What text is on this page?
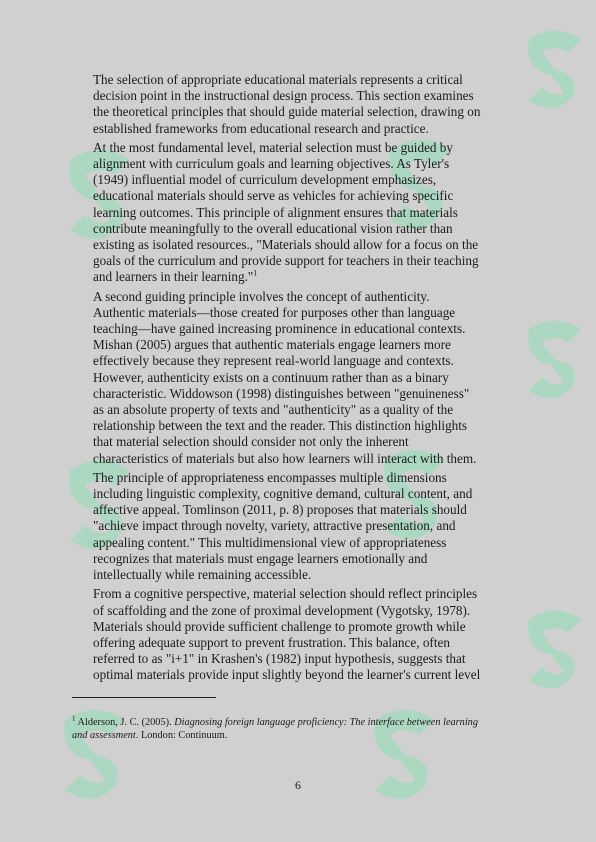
The selection of appropriate educational materials represents a critical
decision point in the instructional design process. This section examines
the theoretical principles that should guide material selection, drawing on
established frameworks from educational research and practice.

At the most fundamental level, material selection must be guided by
alignment with curriculum goals and learning objectives. As Tyler's
(1949) influential model of curriculum development emphasizes,
educational materials should serve as vehicles for achieving specific
learning outcomes. This principle of alignment ensures that materials
contribute meaningfully to the overall educational vision rather than
existing as isolated resources., "Materials should allow for a focus on the
goals of the curriculum and provide support for teachers in their teaching
and learners in their learning."$^1$

A second guiding principle involves the concept of authenticity.
Authentic materials—those created for purposes other than language
teaching—have gained increasing prominence in educational contexts.
Mishan (2005) argues that authentic materials engage learners more
effectively because they represent real-world language and contexts.
However, authenticity exists on a continuum rather than as a binary
characteristic. Widdowson (1998) distinguishes between "genuineness"
as an absolute property of texts and "authenticity" as a quality of the
relationship between the text and the reader. This distinction highlights
that material selection should consider not only the inherent
characteristics of materials but also how learners will interact with them.

The principle of appropriateness encompasses multiple dimensions
including linguistic complexity, cognitive demand, cultural content, and
affective appeal. Tomlinson (2011, p. 8) proposes that materials should
"achieve impact through novelty, variety, attractive presentation, and
appealing content." This multidimensional view of appropriateness
recognizes that materials must engage learners emotionally and
intellectually while remaining accessible.

From a cognitive perspective, material selection should reflect principles
of scaffolding and the zone of proximal development (Vygotsky, 1978).
Materials should provide sufficient challenge to promote growth while
offering adequate support to prevent frustration. This balance, often
referred to as "i+1" in Krashen's (1982) input hypothesis, suggests that
optimal materials provide input slightly beyond the learner's current level

$^1$ Alderson, J. C. (2005). Diagnosing foreign language proficiency: The interface between learning
and assessment. London: Continuum.
6
